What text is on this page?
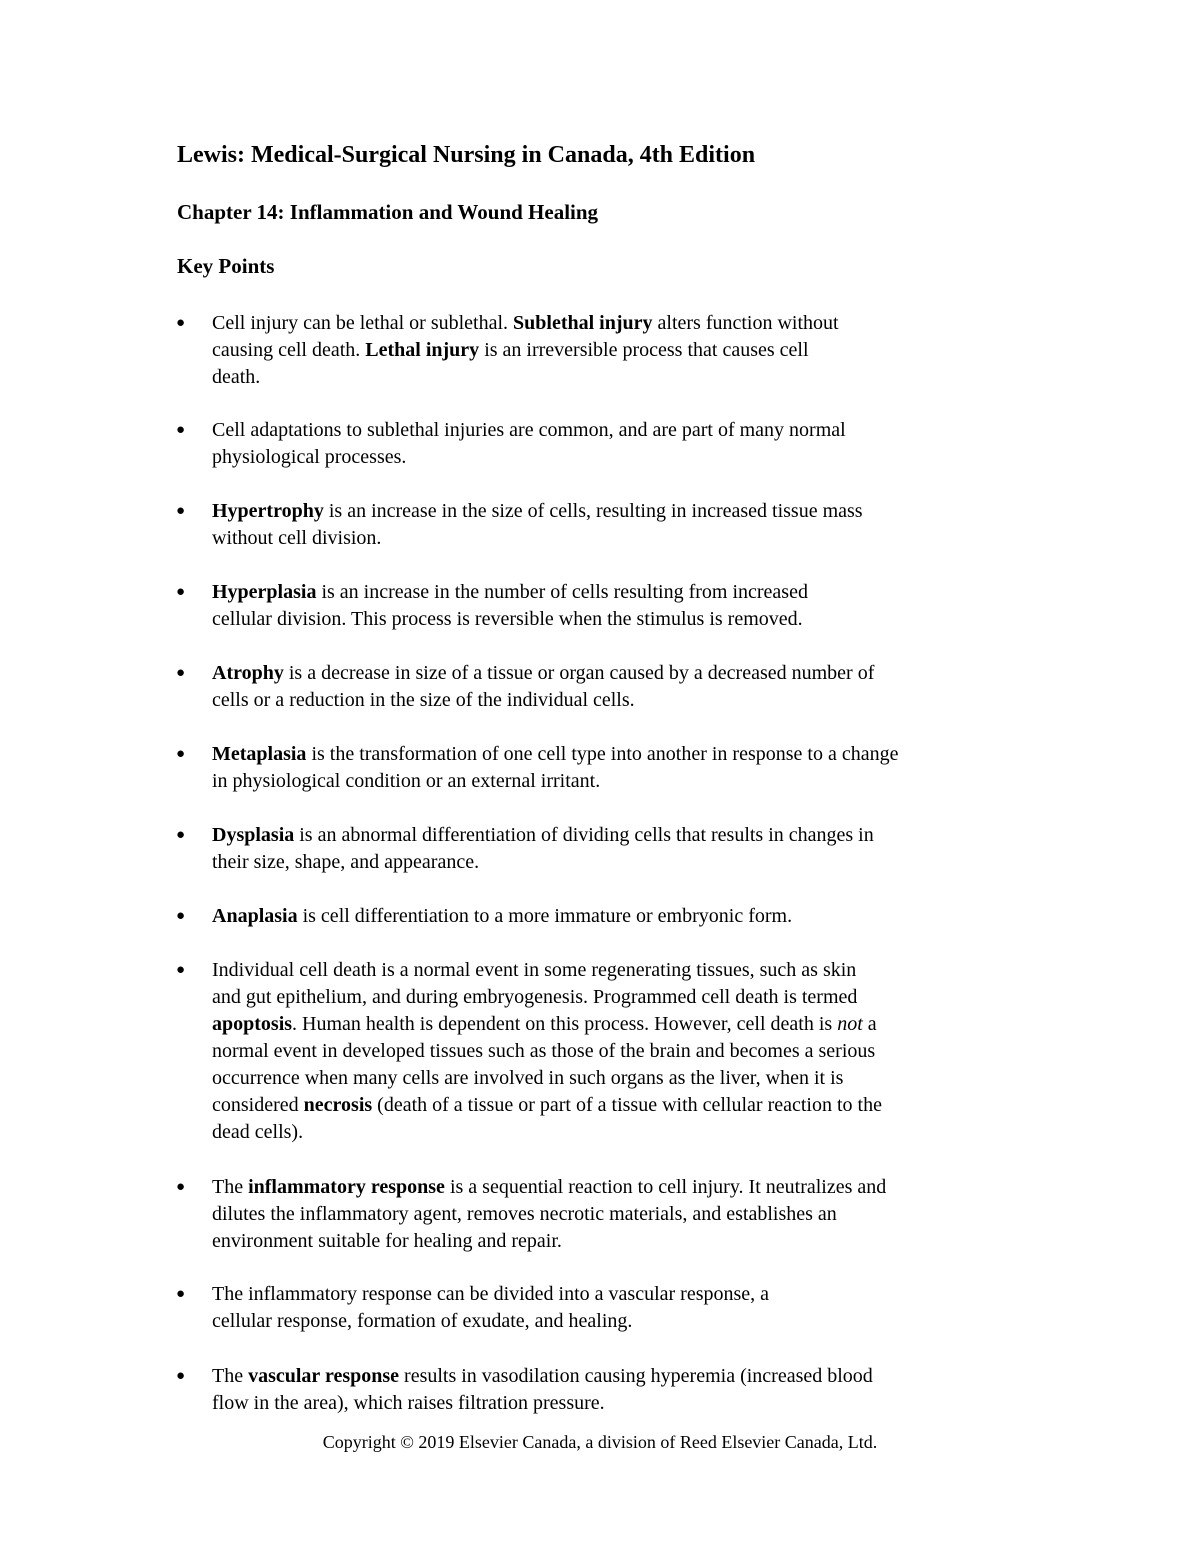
Lewis: Medical-Surgical Nursing in Canada, 4th Edition
Chapter 14: Inflammation and Wound Healing
Key Points
● Cell injury can be lethal or sublethal. Sublethal injury alters function without
causing cell death. Lethal injury is an irreversible process that causes cell
death.
● Cell adaptations to sublethal injuries are common, and are part of many normal
physiological processes.
● Hypertrophy is an increase in the size of cells, resulting in increased tissue mass
without cell division.
● Hyperplasia is an increase in the number of cells resulting from increased
cellular division. This process is reversible when the stimulus is removed.
● Atrophy is a decrease in size of a tissue or organ caused by a decreased number of
cells or a reduction in the size of the individual cells.
● Metaplasia is the transformation of one cell type into another in response to a change
in physiological condition or an external irritant.
● Dysplasia is an abnormal differentiation of dividing cells that results in changes in
their size, shape, and appearance.
● Anaplasia is cell differentiation to a more immature or embryonic form.
● Individual cell death is a normal event in some regenerating tissues, such as skin
and gut epithelium, and during embryogenesis. Programmed cell death is termed
apoptosis. Human health is dependent on this process. However, cell death is not a
normal event in developed tissues such as those of the brain and becomes a serious
occurrence when many cells are involved in such organs as the liver, when it is
considered necrosis (death of a tissue or part of a tissue with cellular reaction to the
dead cells).
● The inflammatory response is a sequential reaction to cell injury. It neutralizes and
dilutes the inflammatory agent, removes necrotic materials, and establishes an
environment suitable for healing and repair.
● The inflammatory response can be divided into a vascular response, a
cellular response, formation of exudate, and healing.
● The vascular response results in vasodilation causing hyperemia (increased blood
flow in the area), which raises filtration pressure.

Copyright © 2019 Elsevier Canada, a division of Reed Elsevier Canada, Ltd.
